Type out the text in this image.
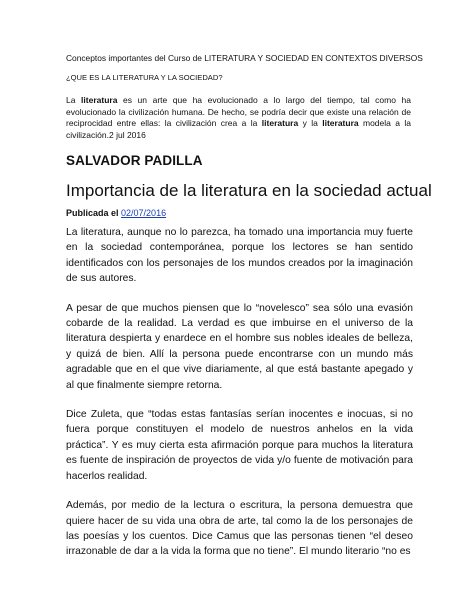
Conceptos importantes del Curso de LITERATURA Y SOCIEDAD EN CONTEXTOS DIVERSOS
¿QUE ES LA LITERATURA Y LA SOCIEDAD?
La literatura es un arte que ha evolucionado a lo largo del tiempo, tal como ha evolucionado la civilización humana. De hecho, se podría decir que existe una relación de reciprocidad entre ellas: la civilización crea a la literatura y la literatura modela a la civilización.2 jul 2016
SALVADOR PADILLA
Importancia de la literatura en la sociedad actual
Publicada el 02/07/2016

La literatura, aunque no lo parezca, ha tomado una importancia muy fuerte en la sociedad contemporánea, porque los lectores se han sentido identificados con los personajes de los mundos creados por la imaginación de sus autores.

A pesar de que muchos piensen que lo “novelesco” sea sólo una evasión cobarde de la realidad. La verdad es que imbuirse en el universo de la literatura despierta y enardece en el hombre sus nobles ideales de belleza, y quizá de bien. Allí la persona puede encontrarse con un mundo más agradable que en el que vive diariamente, al que está bastante apegado y al que finalmente siempre retorna.

Dice Zuleta, que “todas estas fantasías serían inocentes e inocuas, si no fuera porque constituyen el modelo de nuestros anhelos en la vida práctica”. Y es muy cierta esta afirmación porque para muchos la literatura es fuente de inspiración de proyectos de vida y/o fuente de motivación para hacerlos realidad.

Además, por medio de la lectura o escritura, la persona demuestra que quiere hacer de su vida una obra de arte, tal como la de los personajes de las poesías y los cuentos. Dice Camus que las personas tienen “el deseo irrazonable de dar a la vida la forma que no tiene”. El mundo literario “no es
